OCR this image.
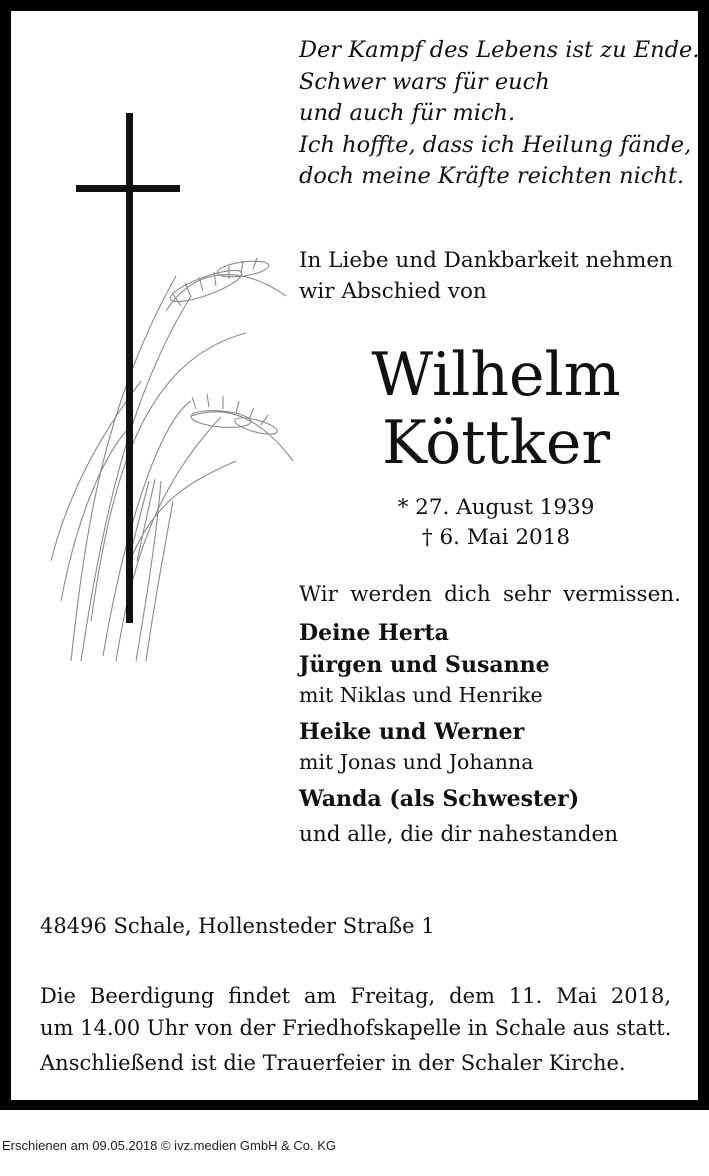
Der Kampf des Lebens ist zu Ende.
Schwer wars für euch
und auch für mich.
Ich hoffte, dass ich Heilung fände,
doch meine Kräfte reichten nicht.
In Liebe und Dankbarkeit nehmen
wir Abschied von
Wilhelm
Köttker
* 27. August 1939
† 6. Mai 2018
Wir werden dich sehr vermissen.
Deine Herta
Jürgen und Susanne
mit Niklas und Henrike
Heike und Werner
mit Jonas und Johanna
Wanda (als Schwester)
und alle, die dir nahestanden
48496 Schale, Hollensteder Straße 1
Die Beerdigung findet am Freitag, dem 11. Mai 2018,
um 14.00 Uhr von der Friedhofskapelle in Schale aus statt.
Anschließend ist die Trauerfeier in der Schaler Kirche.
Erschienen am 09.05.2018 © ivz.medien GmbH & Co. KG
